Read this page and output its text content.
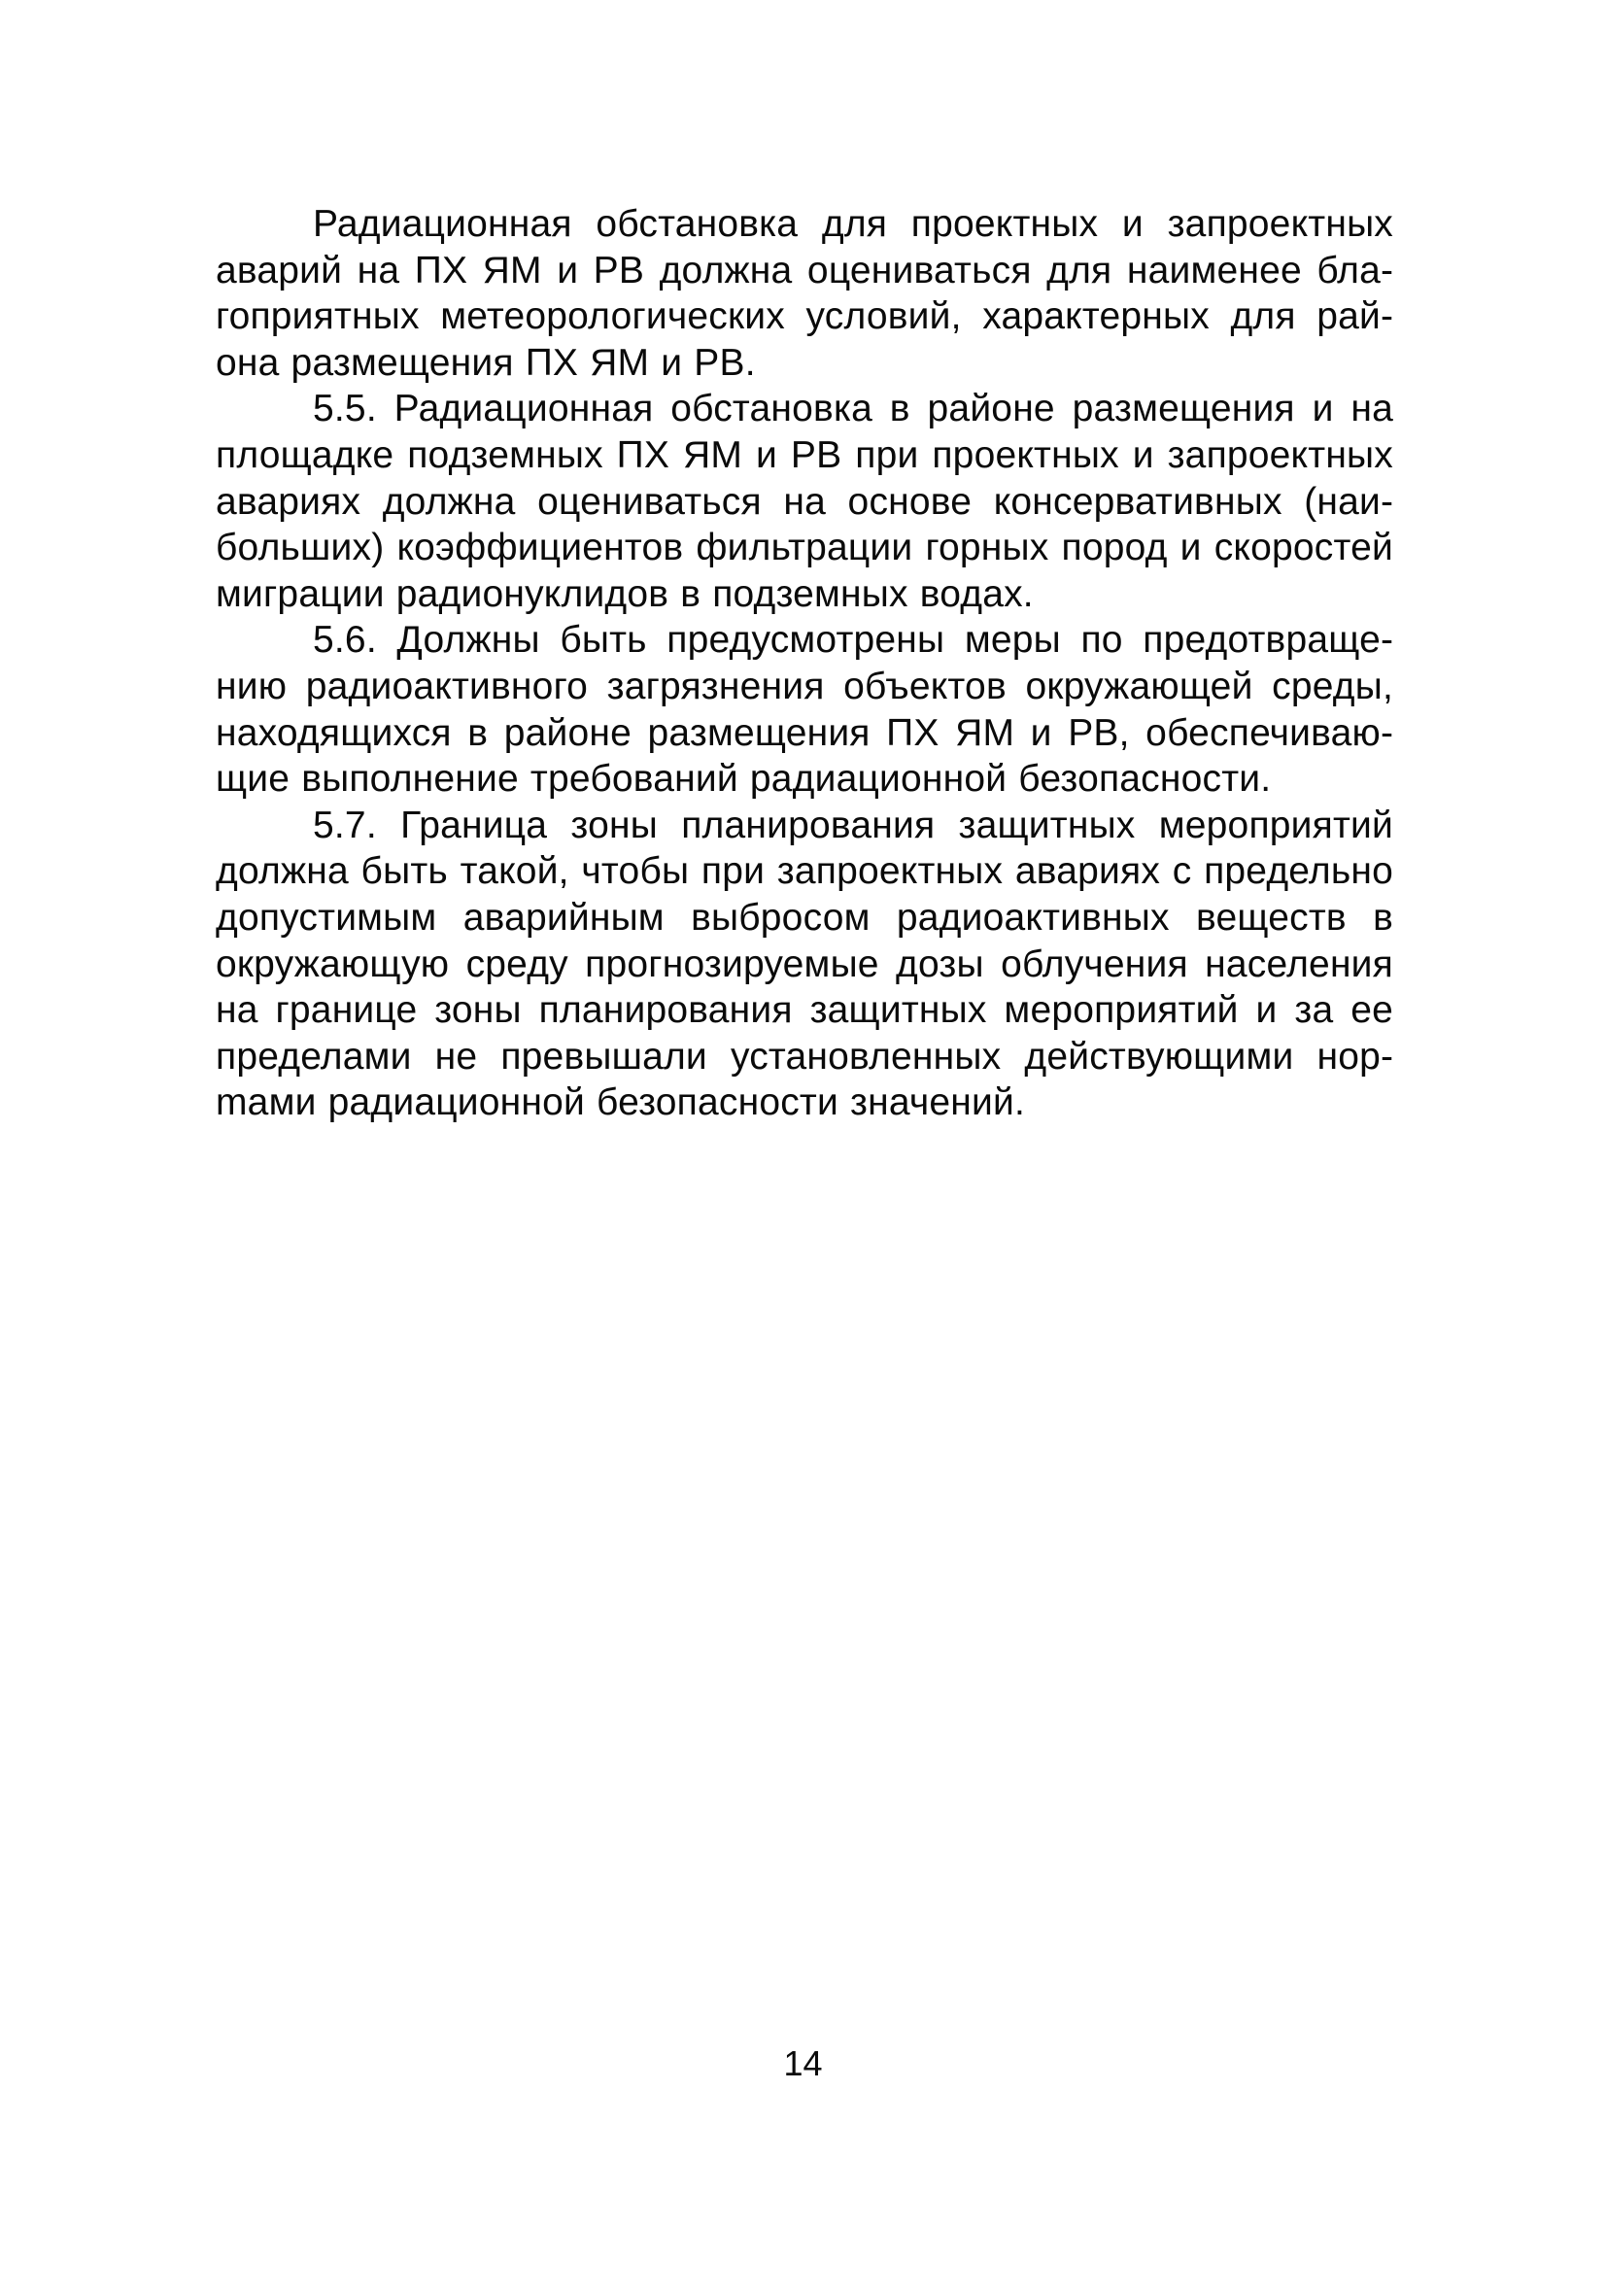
Радиационная обстановка для проектных и запроектных аварий на ПХ ЯМ и РВ должна оцениваться для наименее благоприятных метеорологических условий, характерных для района размещения ПХ ЯМ и РВ.

5.5. Радиационная обстановка в районе размещения и на площадке подземных ПХ ЯМ и РВ при проектных и запроектных авариях должна оцениваться на основе консервативных (наибольших) коэффициентов фильтрации горных пород и скоростей миграции радионуклидов в подземных водах.

5.6. Должны быть предусмотрены меры по предотвращению радиоактивного загрязнения объектов окружающей среды, находящихся в районе размещения ПХ ЯМ и РВ, обеспечивающие выполнение требований радиационной безопасности.

5.7. Граница зоны планирования защитных мероприятий должна быть такой, чтобы при запроектных авариях с предельно допустимым аварийным выбросом радиоактивных веществ в окружающую среду прогнозируемые дозы облучения населения на границе зоны планирования защитных мероприятий и за ее пределами не превышали установленных действующими норmами радиационной безопасности значений.

14
